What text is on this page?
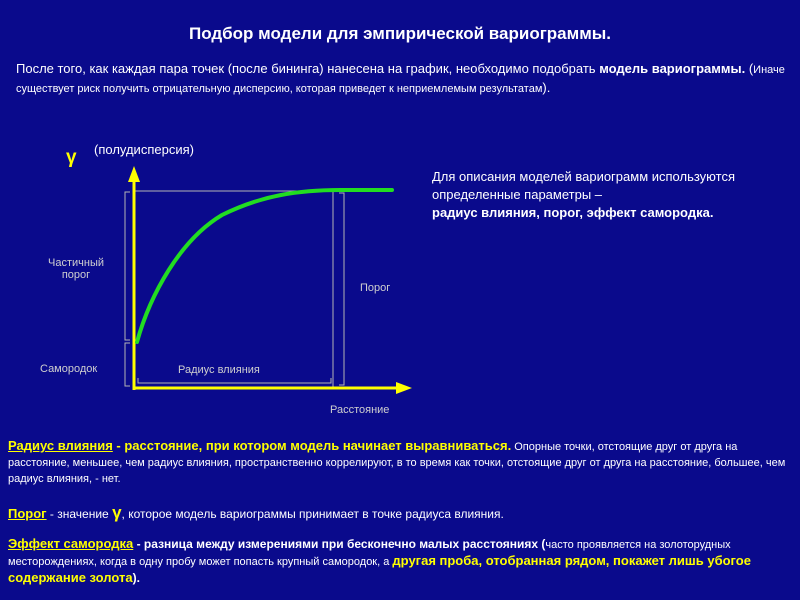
Подбор модели для эмпирической вариограммы.
После того, как каждая пара точек (после бининга) нанесена на график, необходимо подобрать модель вариограммы. (Иначе существует риск получить отрицательную дисперсию, которая приведет к неприемлемым результатам).
γ (полудисперсия)
Частичный
порог
Самородок
Порог
Радиус влияния
Расстояние
Для описания моделей вариограмм используются определенные параметры –
радиус влияния, порог, эффект самородка.
Радиус влияния - расстояние, при котором модель начинает выравниваться. Опорные точки, отстоящие друг от друга на расстояние, меньшее, чем радиус влияния, пространственно коррелируют, в то время как точки, отстоящие друг от друга на расстояние, большее, чем радиус влияния, - нет.
Порог - значение γ, которое модель вариограммы принимает в точке радиуса влияния.
Эффект самородка - разница между измерениями при бесконечно малых расстояниях (часто проявляется на золоторудных месторождениях, когда в одну пробу может попасть крупный самородок, а другая проба, отобранная рядом, покажет лишь убогое содержание золота).
